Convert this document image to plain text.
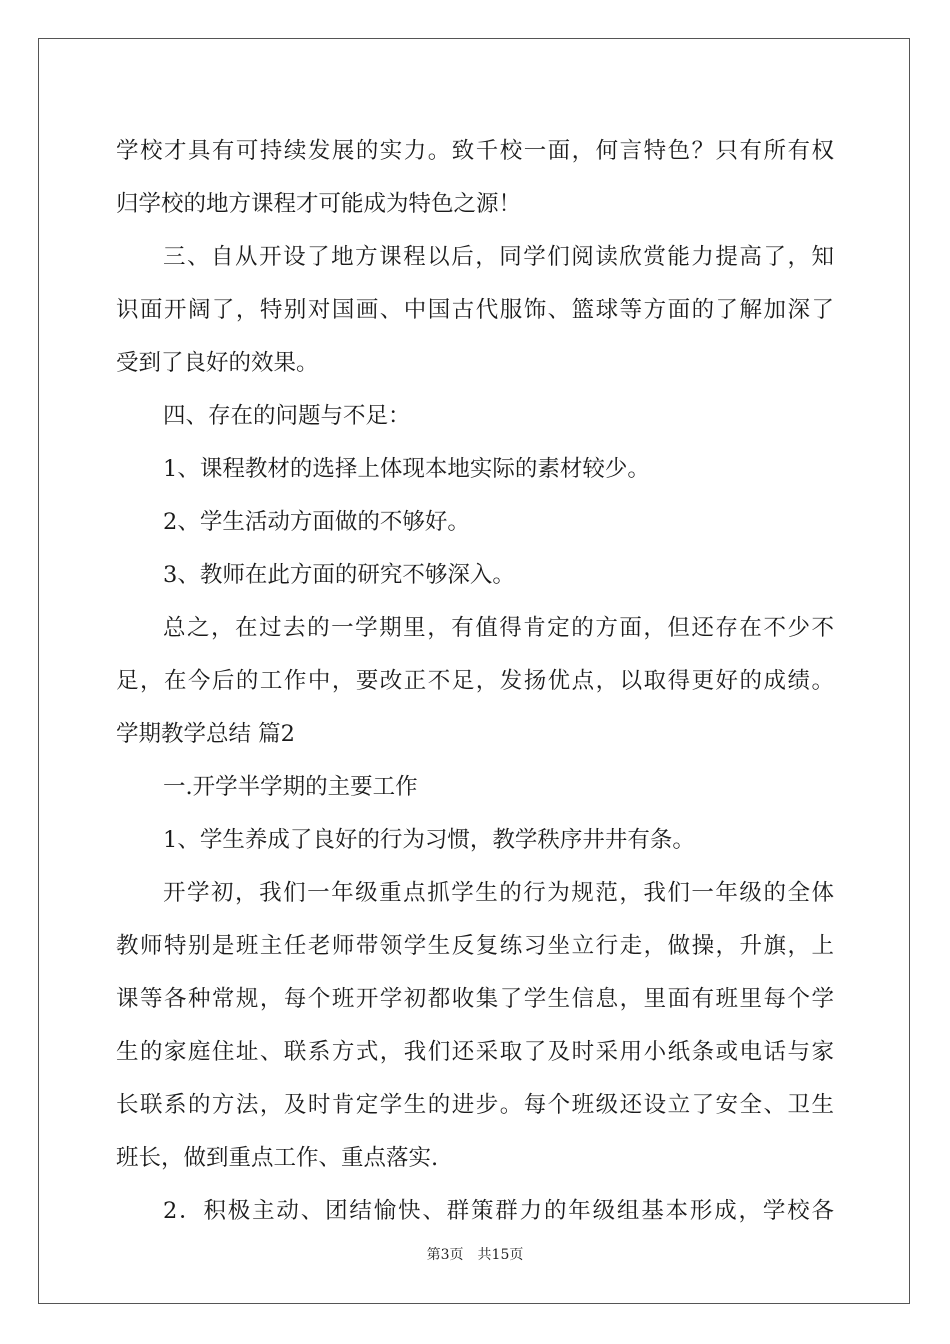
学校才具有可持续发展的实力。致千校一面，何言特色？只有所有权
归学校的地方课程才可能成为特色之源！
三、自从开设了地方课程以后，同学们阅读欣赏能力提高了，知
识面开阔了，特别对国画、中国古代服饰、篮球等方面的了解加深了
受到了良好的效果。
四、存在的问题与不足：
1、课程教材的选择上体现本地实际的素材较少。
2、学生活动方面做的不够好。
3、教师在此方面的研究不够深入。
总之，在过去的一学期里，有值得肯定的方面，但还存在不少不
足，在今后的工作中，要改正不足，发扬优点，以取得更好的成绩。
学期教学总结 篇2
一.开学半学期的主要工作
1、学生养成了良好的行为习惯，教学秩序井井有条。
开学初，我们一年级重点抓学生的行为规范，我们一年级的全体
教师特别是班主任老师带领学生反复练习坐立行走，做操，升旗，上
课等各种常规，每个班开学初都收集了学生信息，里面有班里每个学
生的家庭住址、联系方式，我们还采取了及时采用小纸条或电话与家
长联系的方法，及时肯定学生的进步。每个班级还设立了安全、卫生
班长，做到重点工作、重点落实.
2．积极主动、团结愉快、群策群力的年级组基本形成，学校各
第3页　共15页
